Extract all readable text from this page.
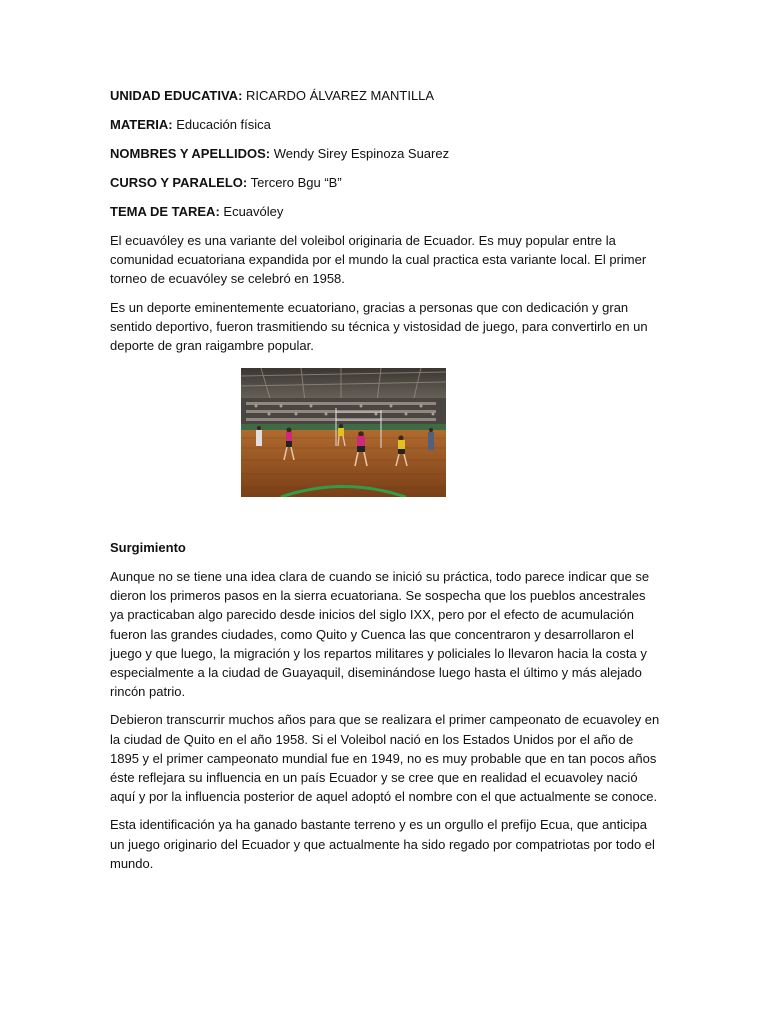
UNIDAD EDUCATIVA: RICARDO ÁLVAREZ MANTILLA
MATERIA: Educación física
NOMBRES Y APELLIDOS: Wendy Sirey Espinoza Suarez
CURSO Y PARALELO: Tercero Bgu “B”
TEMA DE TAREA: Ecuavóley

El ecuavóley es una variante del voleibol originaria de Ecuador. Es muy popular entre la comunidad ecuatoriana expandida por el mundo la cual practica esta variante local. El primer torneo de ecuavóley se celebró en 1958.

Es un deporte eminentemente ecuatoriano, gracias a personas que con dedicación y gran sentido deportivo, fueron trasmitiendo su técnica y vistosidad de juego, para convertirlo en un deporte de gran raigambre popular.

Surgimiento

Aunque no se tiene una idea clara de cuando se inició su práctica, todo parece indicar que se dieron los primeros pasos en la sierra ecuatoriana. Se sospecha que los pueblos ancestrales ya practicaban algo parecido desde inicios del siglo IXX, pero por el efecto de acumulación fueron las grandes ciudades, como Quito y Cuenca las que concentraron y desarrollaron el juego y que luego, la migración y los repartos militares y policiales lo llevaron hacia la costa y especialmente a la ciudad de Guayaquil, diseminándose luego hasta el último y más alejado rincón patrio.

Debieron transcurrir muchos años para que se realizara el primer campeonato de ecuavoley en la ciudad de Quito en el año 1958. Si el Voleibol nació en los Estados Unidos por el año de 1895 y el primer campeonato mundial fue en 1949, no es muy probable que en tan pocos años éste reflejara su influencia en un país Ecuador y se cree que en realidad el ecuavoley nació aquí y por la influencia posterior de aquel adoptó el nombre con el que actualmente se conoce.

Esta identificación ya ha ganado bastante terreno y es un orgullo el prefijo Ecua, que anticipa un juego originario del Ecuador y que actualmente ha sido regado por compatriotas por todo el mundo.
